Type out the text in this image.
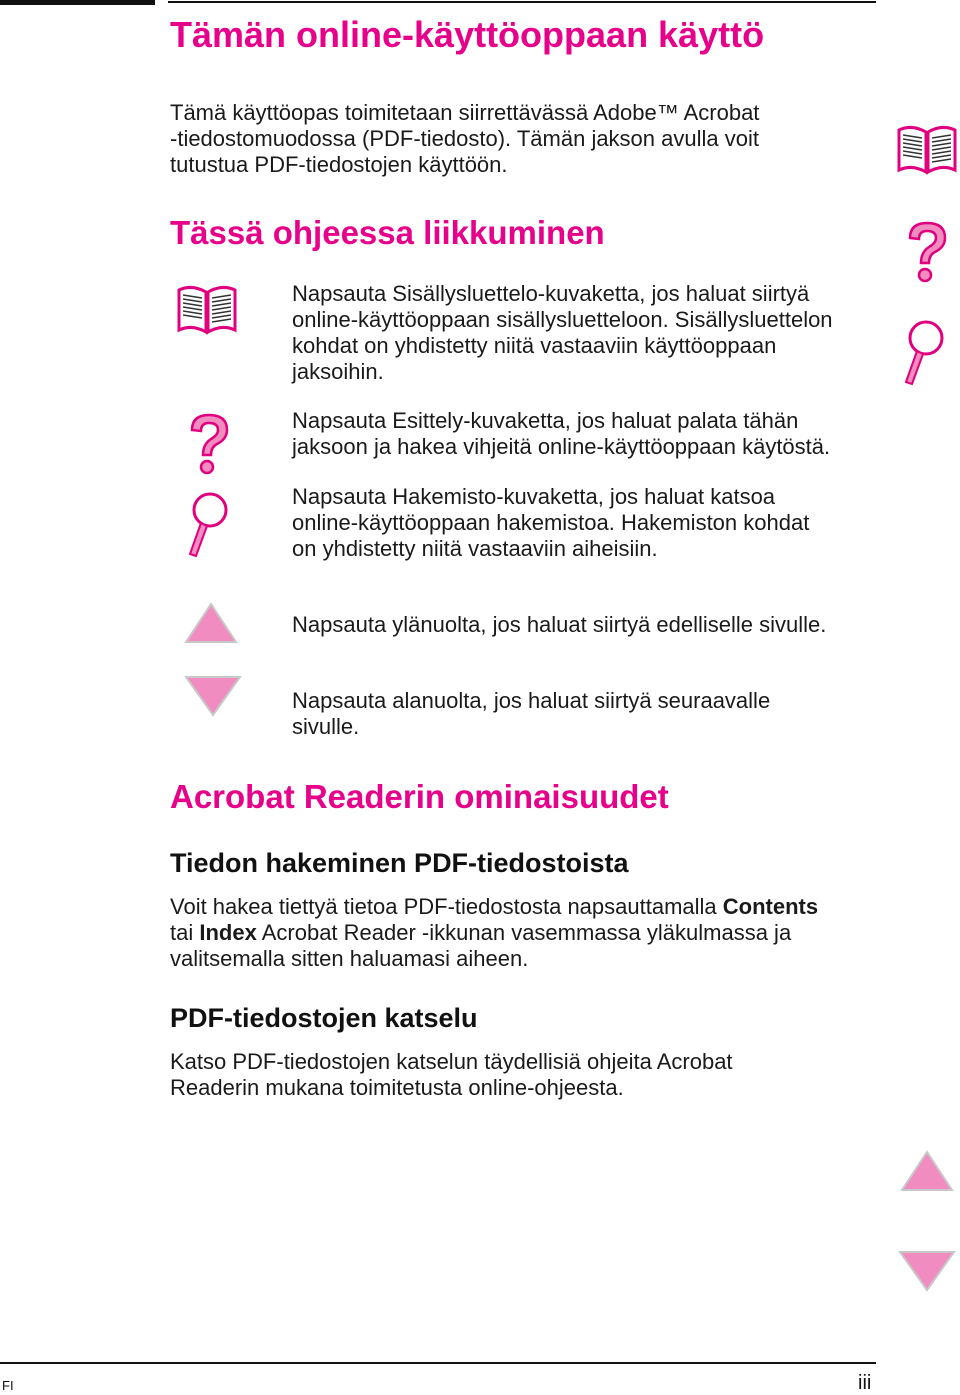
Tämän online-käyttöoppaan käyttö

Tämä käyttöopas toimitetaan siirrettävässä Adobe™ Acrobat

-tiedostomuodossa (PDF-tiedosto). Tämän jakson avulla voit

tutustua PDF-tiedostojen käyttöön.

Tässä ohjeessa liikkuminen

Napsauta Sisällysluettelo-kuvaketta, jos haluat siirtyä

online-käyttöoppaan sisällysluetteloon. Sisällysluettelon

kohdat on yhdistetty niitä vastaaviin käyttöoppaan

jaksoihin.

Napsauta Esittely-kuvaketta, jos haluat palata tähän

jaksoon ja hakea vihjeitä online-käyttöoppaan käytöstä.

Napsauta Hakemisto-kuvaketta, jos haluat katsoa

online-käyttöoppaan hakemistoa. Hakemiston kohdat

on yhdistetty niitä vastaaviin aiheisiin.

Napsauta ylänuolta, jos haluat siirtyä edelliselle sivulle.

Napsauta alanuolta, jos haluat siirtyä seuraavalle

sivulle.

Acrobat Readerin ominaisuudet
Tiedon hakeminen PDF-tiedostoista

Voit hakea tiettyä tietoa PDF-tiedostosta napsauttamalla Contents

tai Index Acrobat Reader -ikkunan vasemmassa yläkulmassa ja

valitsemalla sitten haluamasi aiheen.

PDF-tiedostojen katselu

Katso PDF-tiedostojen katselun täydellisiä ohjeita Acrobat

Readerin mukana toimitetusta online-ohjeesta.

FI	iii
